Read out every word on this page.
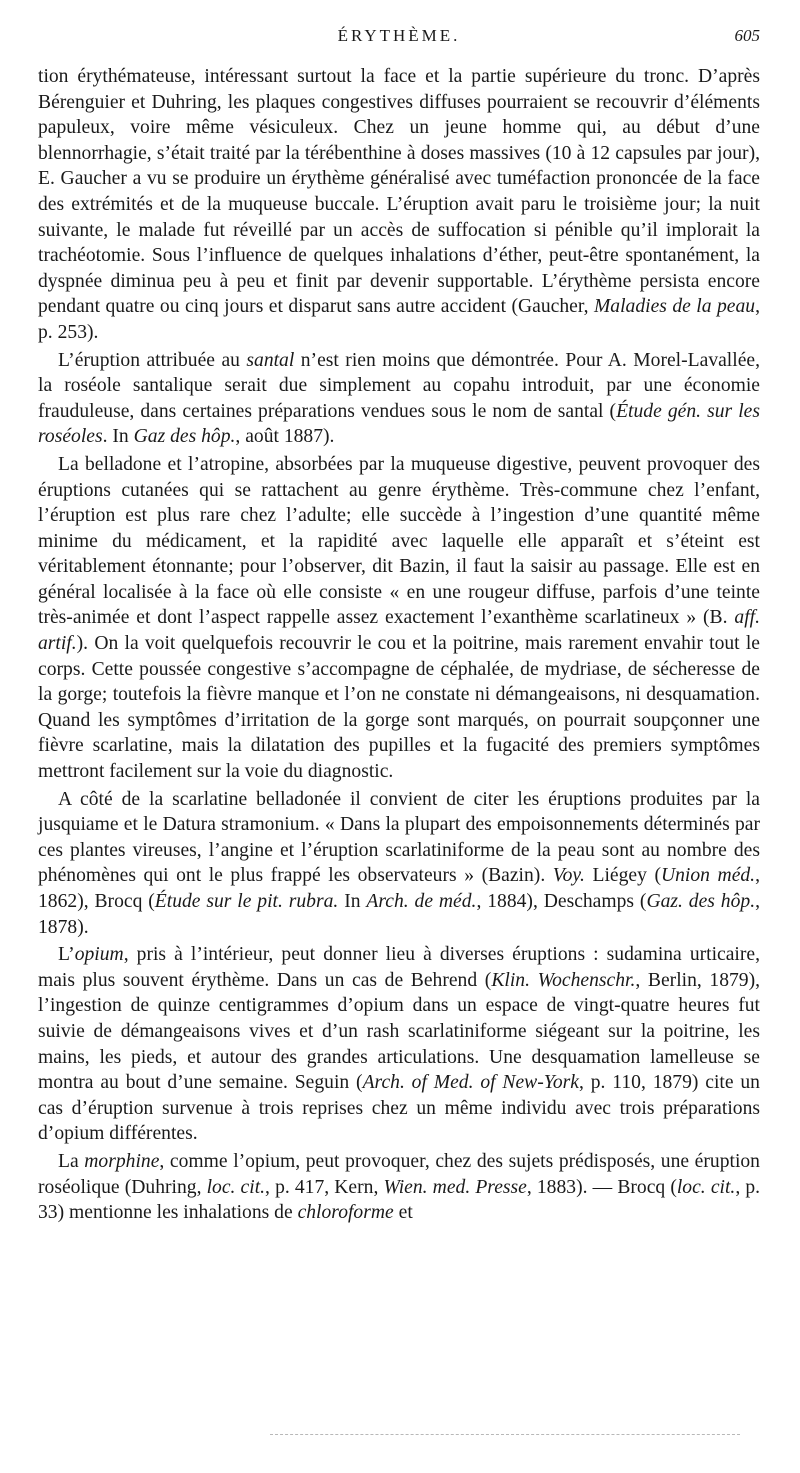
ÉRYTHÈME.	605

tion érythémateuse, intéressant surtout la face et la partie supérieure du tronc. D’après Bérenguier et Duhring, les plaques congestives diffuses pourraient se recouvrir d’éléments papuleux, voire même vésiculeux. Chez un jeune homme qui, au début d’une blennorrhagie, s’était traité par la térébenthine à doses massives (10 à 12 capsules par jour), E. Gaucher a vu se produire un érythème généralisé avec tuméfaction prononcée de la face des extrémités et de la muqueuse buccale. L’éruption avait paru le troisième jour; la nuit suivante, le malade fut réveillé par un accès de suffocation si pénible qu’il implorait la trachéotomie. Sous l’influence de quelques inhalations d’éther, peut-être spontanément, la dyspnée diminua peu à peu et finit par devenir supportable. L’érythème persista encore pendant quatre ou cinq jours et disparut sans autre accident (Gaucher, Maladies de la peau, p. 253).

L’éruption attribuée au santal n’est rien moins que démontrée. Pour A. Morel-Lavallée, la roséole santalique serait due simplement au copahu introduit, par une économie frauduleuse, dans certaines préparations vendues sous le nom de santal (Étude gén. sur les roséoles. In Gaz des hôp., août 1887).

La belladone et l’atropine, absorbées par la muqueuse digestive, peuvent provoquer des éruptions cutanées qui se rattachent au genre érythème. Très-commune chez l’enfant, l’éruption est plus rare chez l’adulte; elle succède à l’ingestion d’une quantité même minime du médicament, et la rapidité avec laquelle elle apparaît et s’éteint est véritablement étonnante; pour l’observer, dit Bazin, il faut la saisir au passage. Elle est en général localisée à la face où elle consiste « en une rougeur diffuse, parfois d’une teinte très-animée et dont l’aspect rappelle assez exactement l’exanthème scarlatineux » (B. aff. artif.). On la voit quelquefois recouvrir le cou et la poitrine, mais rarement envahir tout le corps. Cette poussée congestive s’accompagne de céphalée, de mydriase, de sécheresse de la gorge; toutefois la fièvre manque et l’on ne constate ni démangeaisons, ni desquamation. Quand les symptômes d’irritation de la gorge sont marqués, on pourrait soupçonner une fièvre scarlatine, mais la dilatation des pupilles et la fugacité des premiers symptômes mettront facilement sur la voie du diagnostic.

A côté de la scarlatine belladonée il convient de citer les éruptions produites par la jusquiame et le Datura stramonium. « Dans la plupart des empoisonnements déterminés par ces plantes vireuses, l’angine et l’éruption scarlatiniforme de la peau sont au nombre des phénomènes qui ont le plus frappé les observateurs » (Bazin). Voy. Liégey (Union méd., 1862), Brocq (Étude sur le pit. rubra. In Arch. de méd., 1884), Deschamps (Gaz. des hôp., 1878).

L’opium, pris à l’intérieur, peut donner lieu à diverses éruptions : sudamina urticaire, mais plus souvent érythème. Dans un cas de Behrend (Klin. Wochenschr., Berlin, 1879), l’ingestion de quinze centigrammes d’opium dans un espace de vingt-quatre heures fut suivie de démangeaisons vives et d’un rash scarlatiniforme siégeant sur la poitrine, les mains, les pieds, et autour des grandes articulations. Une desquamation lamelleuse se montra au bout d’une semaine. Seguin (Arch. of Med. of New-York, p. 110, 1879) cite un cas d’éruption survenue à trois reprises chez un même individu avec trois préparations d’opium différentes.

La morphine, comme l’opium, peut provoquer, chez des sujets prédisposés, une éruption roséolique (Duhring, loc. cit., p. 417, Kern, Wien. med. Presse, 1883). — Brocq (loc. cit., p. 33) mentionne les inhalations de chloroforme et
